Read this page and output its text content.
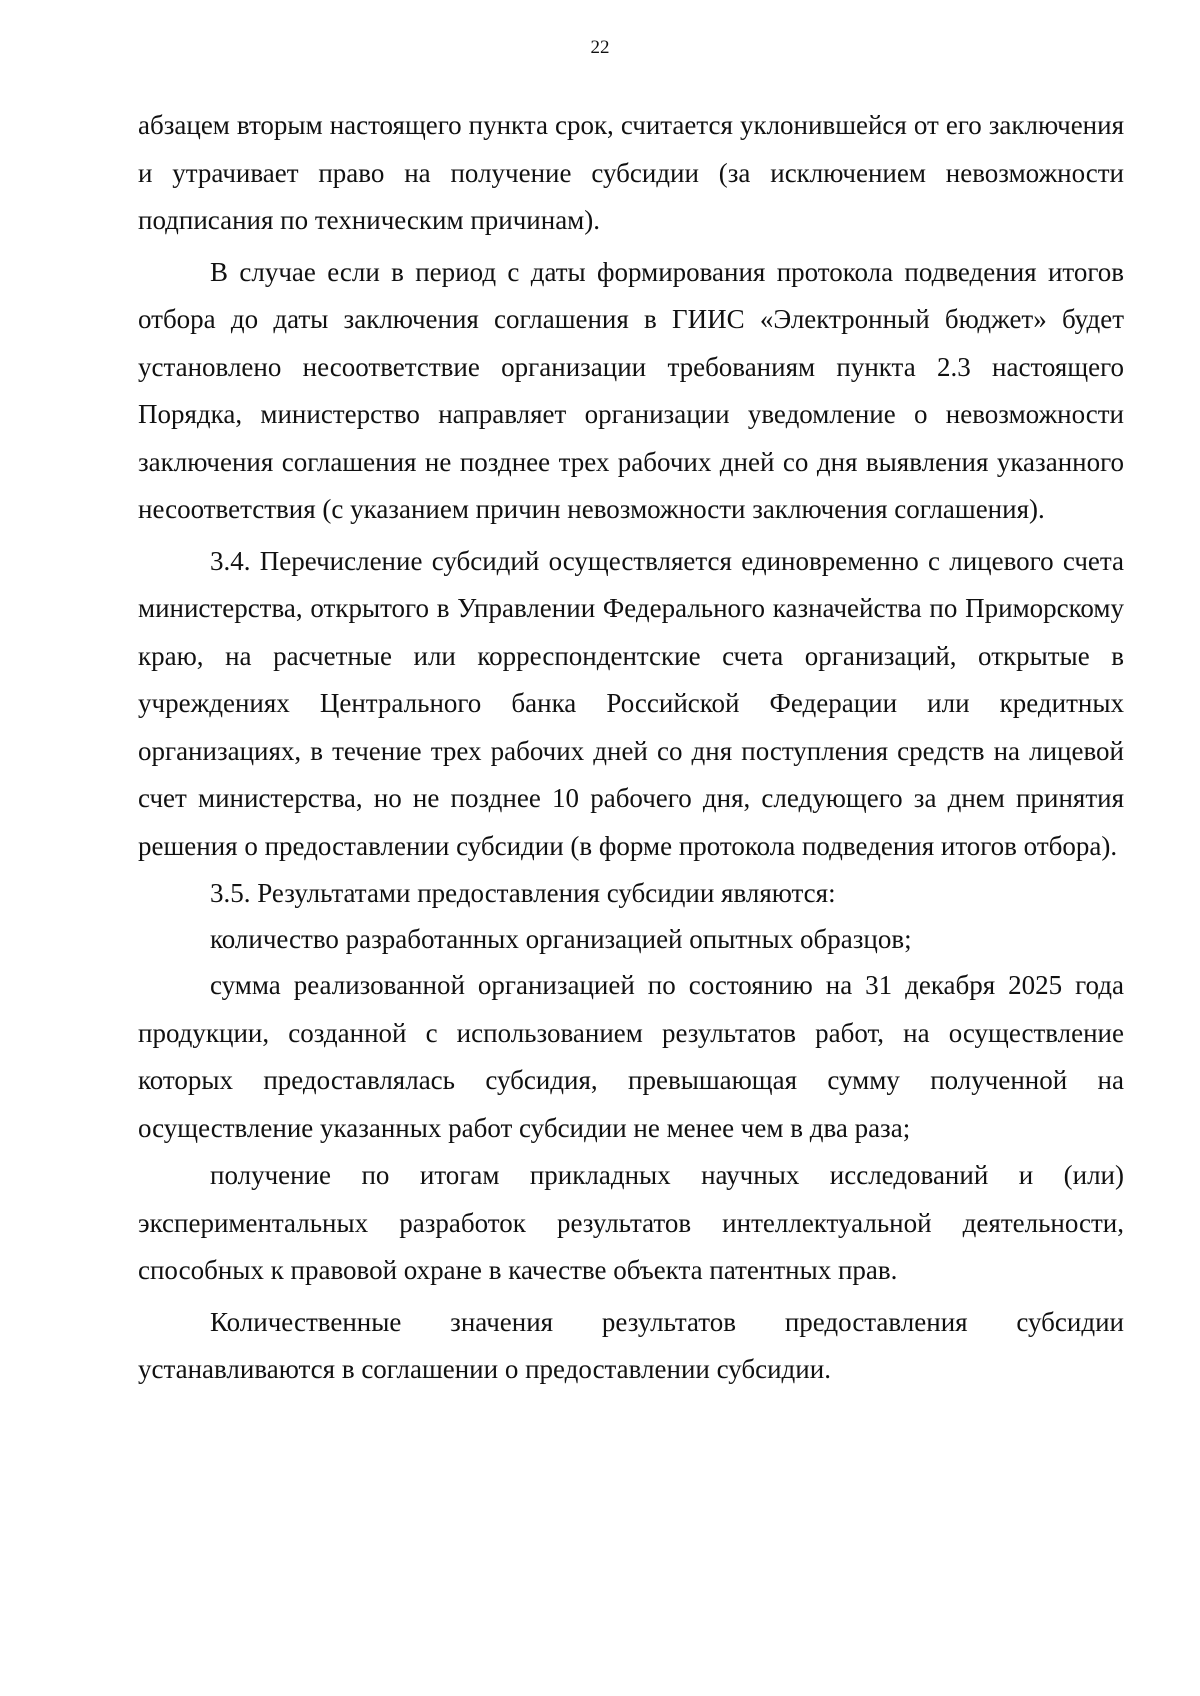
22

абзацем вторым настоящего пункта срок, считается уклонившейся от его заключения и утрачивает право на получение субсидии (за исключением невозможности подписания по техническим причинам).

В случае если в период с даты формирования протокола подведения итогов отбора до даты заключения соглашения в ГИИС «Электронный бюджет» будет установлено несоответствие организации требованиям пункта 2.3 настоящего Порядка, министерство направляет организации уведомление о невозможности заключения соглашения не позднее трех рабочих дней со дня выявления указанного несоответствия (с указанием причин невозможности заключения соглашения).

3.4. Перечисление субсидий осуществляется единовременно с лицевого счета министерства, открытого в Управлении Федерального казначейства по Приморскому краю, на расчетные или корреспондентские счета организаций, открытые в учреждениях Центрального банка Российской Федерации или кредитных организациях, в течение трех рабочих дней со дня поступления средств на лицевой счет министерства, но не позднее 10 рабочего дня, следующего за днем принятия решения о предоставлении субсидии (в форме протокола подведения итогов отбора).

3.5. Результатами предоставления субсидии являются:

количество разработанных организацией опытных образцов;

сумма реализованной организацией по состоянию на 31 декабря 2025 года продукции, созданной с использованием результатов работ, на осуществление которых предоставлялась субсидия, превышающая сумму полученной на осуществление указанных работ субсидии не менее чем в два раза;

получение по итогам прикладных научных исследований и (или) экспериментальных разработок результатов интеллектуальной деятельности, способных к правовой охране в качестве объекта патентных прав.

Количественные значения результатов предоставления субсидии устанавливаются в соглашении о предоставлении субсидии.
